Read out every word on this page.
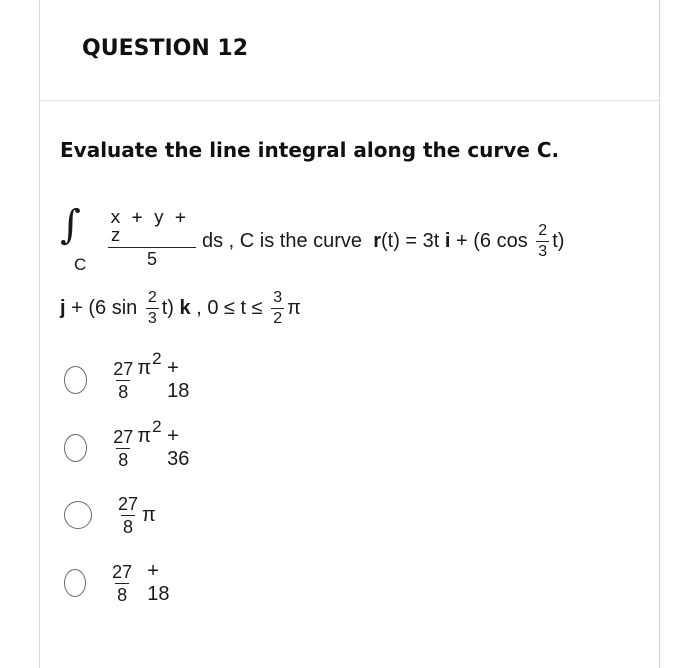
QUESTION 12
Evaluate the line integral along the curve C.
∫
C $\frac{x + y + z}{5}$ ds , C is the curve
r (t) = 3t
i
+ (6 cos
$\frac{2}{3} t$)
j
+ (6 sin
$\frac{2}{3} t$)
k
, 0 ≤ t ≤
$\frac{3}{2}$ π
$\frac{27}{8}$ π 2
+ 18
$\frac{27}{8}$ π 2
+ 36
$\frac{27}{8}$ π
$\frac{27}{8}$
+ 18
